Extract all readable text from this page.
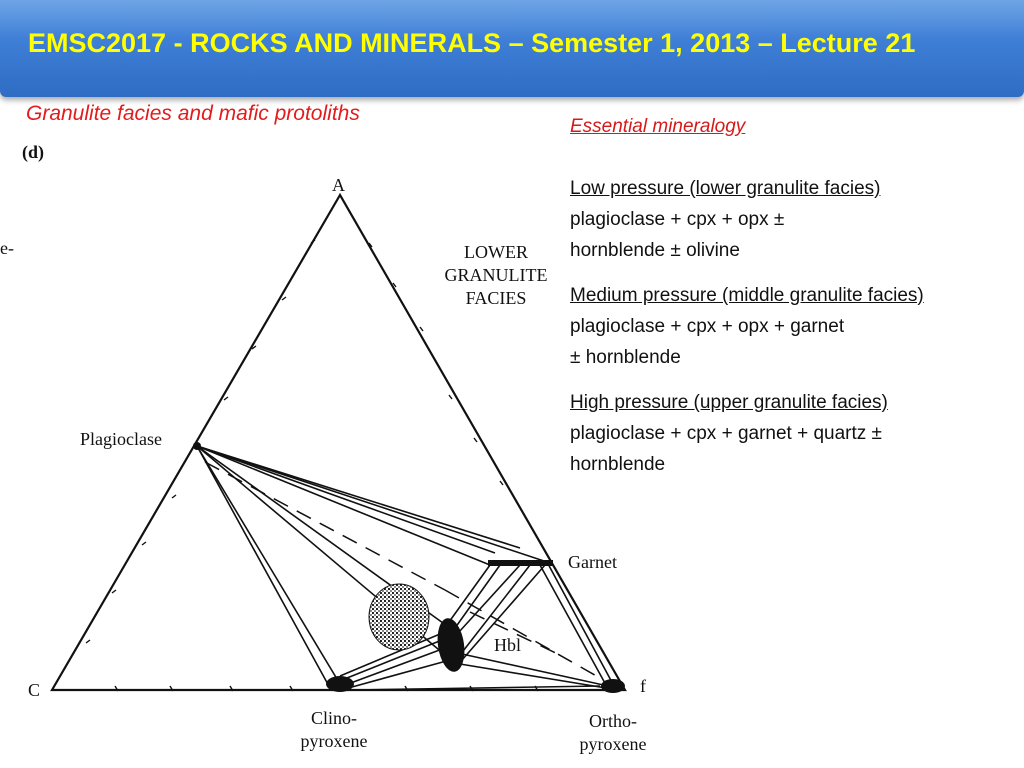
EMSC2017 - ROCKS AND MINERALS – Semester 1, 2013 – Lecture 21
Granulite facies and mafic protoliths
(d)
e-
A
LOWER
GRANULITE
FACIES
Plagioclase
Garnet
Hbl
C	f
Clino-
pyroxene
Ortho-
pyroxene
Essential mineralogy
Low pressure (lower granulite facies)
plagioclase + cpx + opx ±
hornblende ± olivine
Medium pressure (middle granulite facies)
plagioclase + cpx + opx + garnet
± hornblende
High pressure (upper granulite facies)
plagioclase + cpx + garnet + quartz ±
hornblende
